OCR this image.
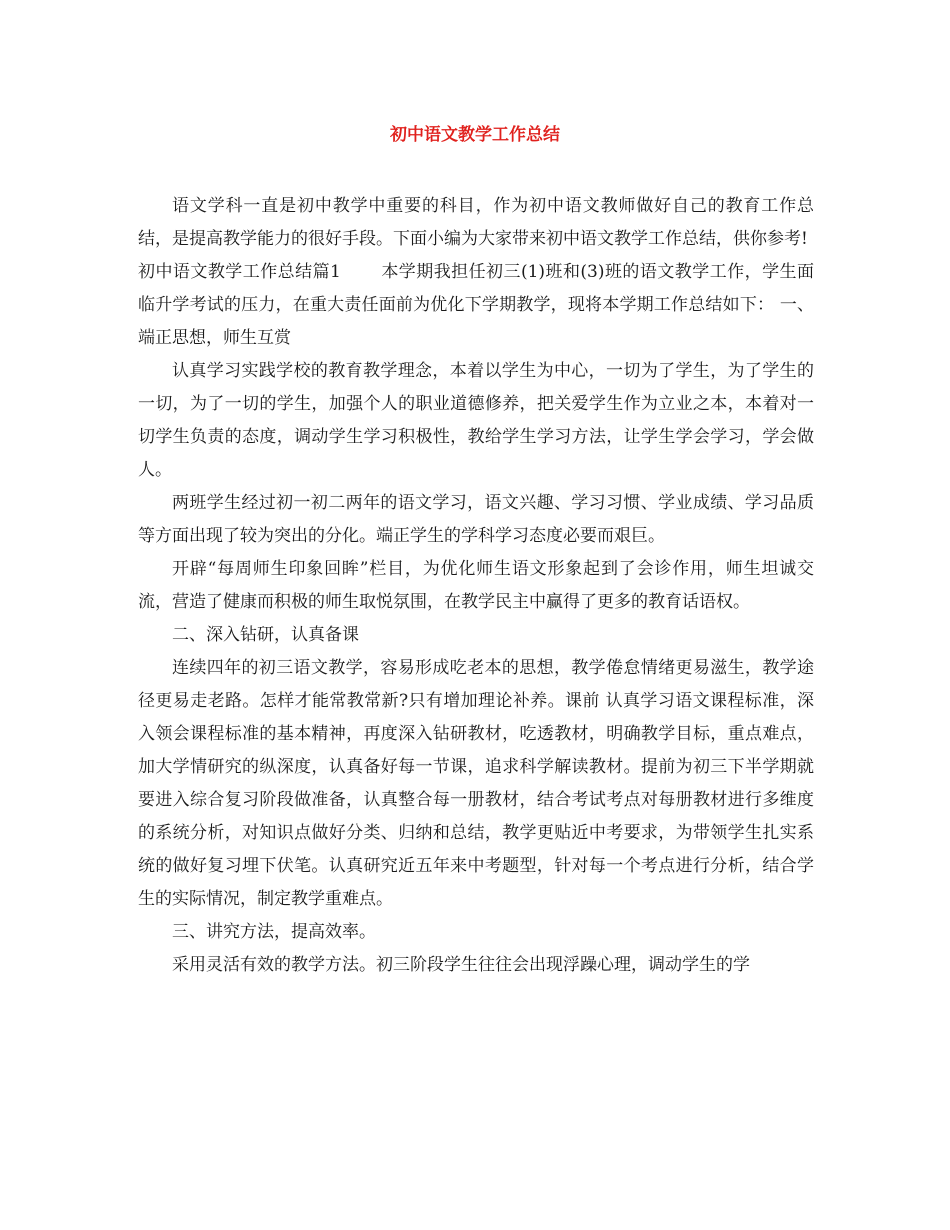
初中语文教学工作总结

语文学科一直是初中教学中重要的科目，作为初中语文教师做好自己的教育工作总结，是提高教学能力的很好手段。下面小编为大家带来初中语文教学工作总结，供你参考!

初中语文教学工作总结篇1 本学期我担任初三(1)班和(3)班的语文教学工作，学生面临升学考试的压力，在重大责任面前为优化下学期教学，现将本学期工作总结如下： 一、端正思想，师生互赏

认真学习实践学校的教育教学理念，本着以学生为中心，一切为了学生，为了学生的一切，为了一切的学生，加强个人的职业道德修养，把关爱学生作为立业之本，本着对一切学生负责的态度，调动学生学习积极性，教给学生学习方法，让学生学会学习，学会做人。

两班学生经过初一初二两年的语文学习，语文兴趣、学习习惯、学业成绩、学习品质等方面出现了较为突出的分化。端正学生的学科学习态度必要而艰巨。

开辟“每周师生印象回眸”栏目，为优化师生语文形象起到了会诊作用，师生坦诚交流，营造了健康而积极的师生取悦氛围，在教学民主中赢得了更多的教育话语权。

二、深入钻研，认真备课

连续四年的初三语文教学，容易形成吃老本的思想，教学倦怠情绪更易滋生，教学途径更易走老路。怎样才能常教常新?只有增加理论补养。课前 认真学习语文课程标准，深入领会课程标准的基本精神，再度深入钻研教材，吃透教材，明确教学目标，重点难点，加大学情研究的纵深度，认真备好每一节课，追求科学解读教材。提前为初三下半学期就要进入综合复习阶段做准备，认真整合每一册教材，结合考试考点对每册教材进行多维度的系统分析，对知识点做好分类、归纳和总结，教学更贴近中考要求，为带领学生扎实系统的做好复习埋下伏笔。认真研究近五年来中考题型，针对每一个考点进行分析，结合学生的实际情况，制定教学重难点。

三、讲究方法，提高效率。

采用灵活有效的教学方法。初三阶段学生往往会出现浮躁心理，调动学生的学
